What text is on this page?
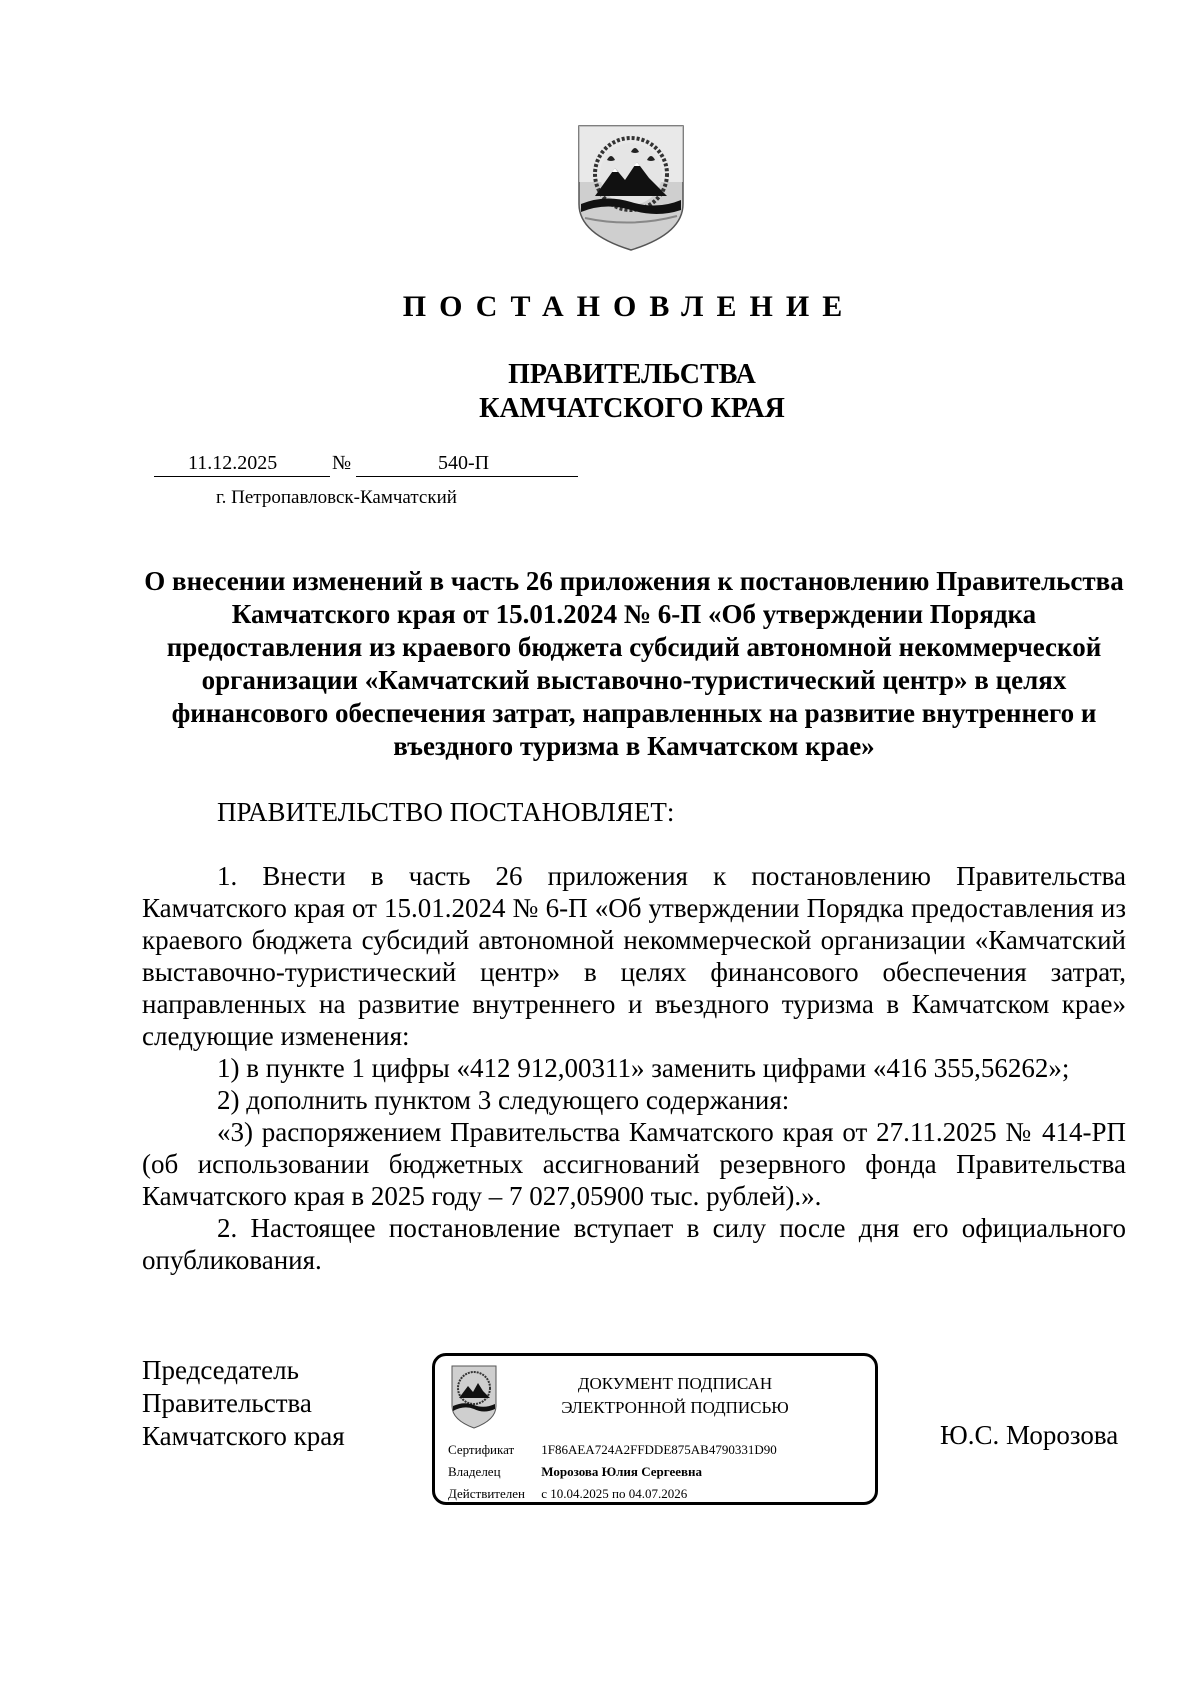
ПОСТАНОВЛЕНИЕ
ПРАВИТЕЛЬСТВА
КАМЧАТСКОГО КРАЯ
11.12.2025	№	540-П
г. Петропавловск-Камчатский
О внесении изменений в часть 26 приложения к постановлению Правительства Камчатского края от 15.01.2024 № 6-П «Об утверждении Порядка предоставления из краевого бюджета субсидий автономной некоммерческой организации «Камчатский выставочно-туристический центр» в целях финансового обеспечения затрат, направленных на развитие внутреннего и въездного туризма в Камчатском крае»
ПРАВИТЕЛЬСТВО ПОСТАНОВЛЯЕТ:

1. Внести в часть 26 приложения к постановлению Правительства Камчатского края от 15.01.2024 № 6-П «Об утверждении Порядка предоставления из краевого бюджета субсидий автономной некоммерческой организации «Камчатский выставочно-туристический центр» в целях финансового обеспечения затрат, направленных на развитие внутреннего и въездного туризма в Камчатском крае» следующие изменения:

1) в пункте 1 цифры «412 912,00311» заменить цифрами «416 355,56262»;

2) дополнить пунктом 3 следующего содержания:

«3) распоряжением Правительства Камчатского края от 27.11.2025 № 414-РП (об использовании бюджетных ассигнований резервного фонда Правительства Камчатского края в 2025 году – 7 027,05900 тыс. рублей).».

2. Настоящее постановление вступает в силу после дня его официального опубликования.

Председатель
Правительства
Камчатского края
ДОКУМЕНТ ПОДПИСАН
ЭЛЕКТРОННОЙ ПОДПИСЬЮ
Сертификат 1F86AEA724A2FFDDE875AB4790331D90
Владелец	Морозова Юлия Сергеевна
Действителен с 10.04.2025 по 04.07.2026
Ю.С. Морозова
